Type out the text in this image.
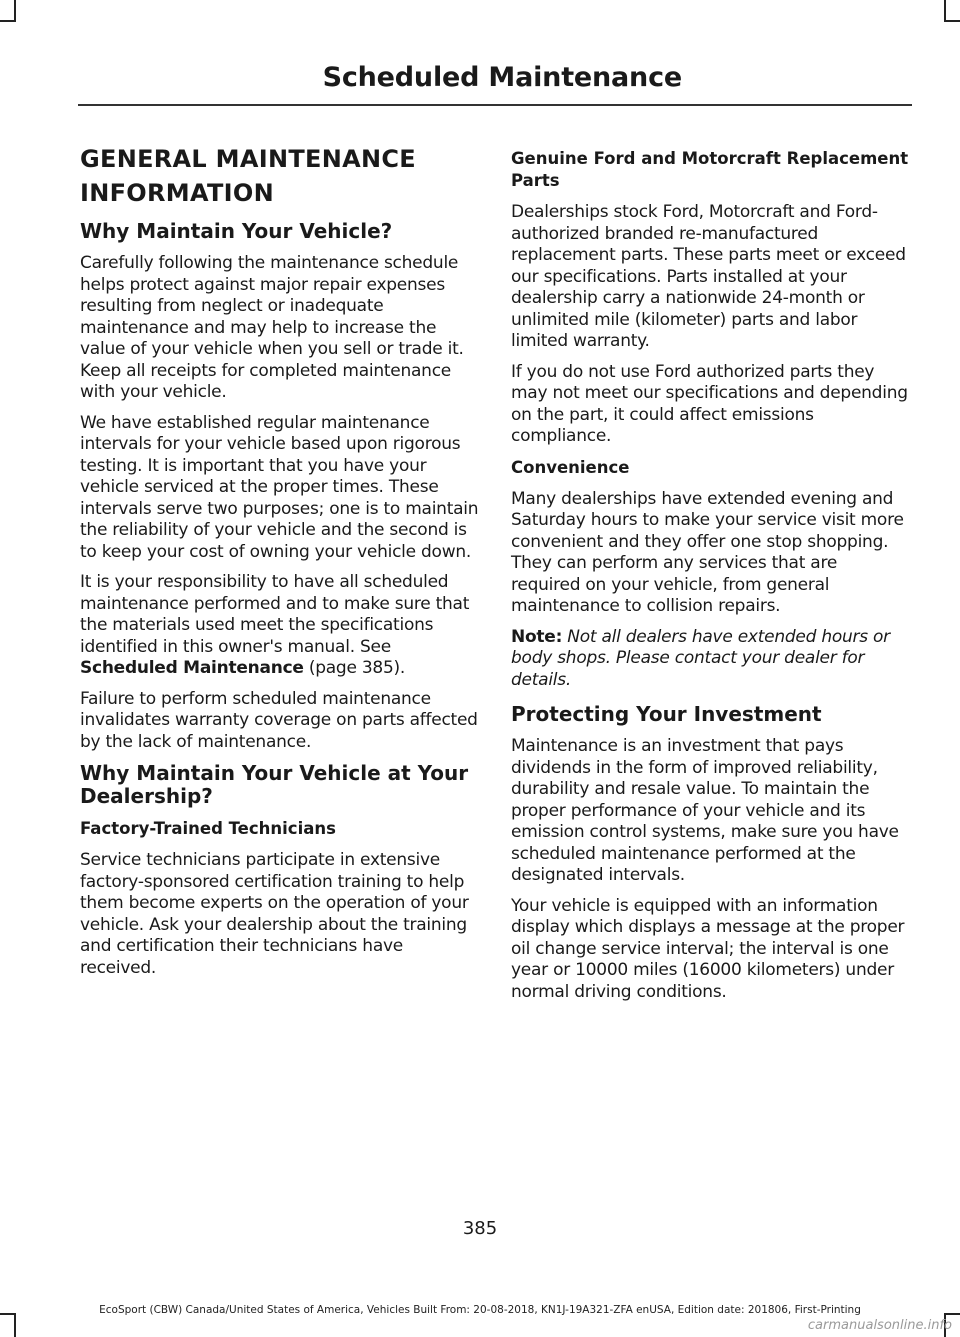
Scheduled Maintenance
GENERAL MAINTENANCE INFORMATION
Why Maintain Your Vehicle?

Carefully following the maintenance schedule helps protect against major repair expenses resulting from neglect or inadequate maintenance and may help to increase the value of your vehicle when you sell or trade it. Keep all receipts for completed maintenance with your vehicle.

We have established regular maintenance intervals for your vehicle based upon rigorous testing. It is important that you have your vehicle serviced at the proper times. These intervals serve two purposes; one is to maintain the reliability of your vehicle and the second is to keep your cost of owning your vehicle down.

It is your responsibility to have all scheduled maintenance performed and to make sure that the materials used meet the specifications identified in this owner's manual. See Scheduled Maintenance (page 385).

Failure to perform scheduled maintenance invalidates warranty coverage on parts affected by the lack of maintenance.

Why Maintain Your Vehicle at Your Dealership?
Factory-Trained Technicians

Service technicians participate in extensive factory-sponsored certification training to help them become experts on the operation of your vehicle. Ask your dealership about the training and certification their technicians have received.

Genuine Ford and Motorcraft Replacement Parts

Dealerships stock Ford, Motorcraft and Ford-authorized branded re-manufactured replacement parts. These parts meet or exceed our specifications. Parts installed at your dealership carry a nationwide 24-month or unlimited mile (kilometer) parts and labor limited warranty.

If you do not use Ford authorized parts they may not meet our specifications and depending on the part, it could affect emissions compliance.

Convenience

Many dealerships have extended evening and Saturday hours to make your service visit more convenient and they offer one stop shopping. They can perform any services that are required on your vehicle, from general maintenance to collision repairs.

Note: Not all dealers have extended hours or body shops. Please contact your dealer for details.

Protecting Your Investment

Maintenance is an investment that pays dividends in the form of improved reliability, durability and resale value. To maintain the proper performance of your vehicle and its emission control systems, make sure you have scheduled maintenance performed at the designated intervals.

Your vehicle is equipped with an information display which displays a message at the proper oil change service interval; the interval is one year or 10000 miles (16000 kilometers) under normal driving conditions.

385
EcoSport (CBW) Canada/United States of America, Vehicles Built From: 20-08-2018, KN1J-19A321-ZFA enUSA, Edition date: 201806, First-Printing
carmanualsonline.info
